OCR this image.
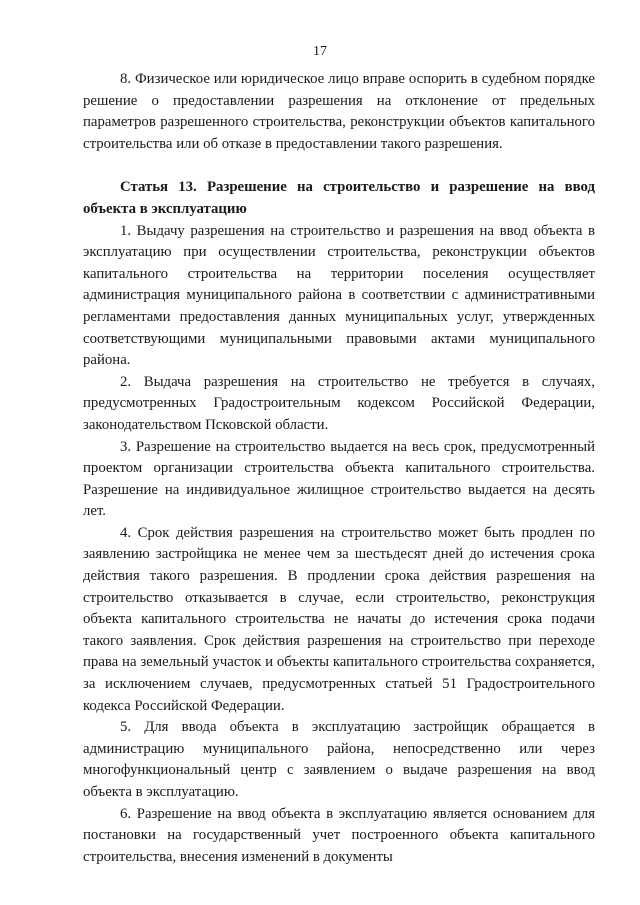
17

8. Физическое или юридическое лицо вправе оспорить в судебном порядке решение о предоставлении разрешения на отклонение от предельных параметров разрешенного строительства, реконструкции объектов капитального строительства или об отказе в предоставлении такого разрешения.

Статья 13. Разрешение на строительство и разрешение на ввод объекта в эксплуатацию

1. Выдачу разрешения на строительство и разрешения на ввод объекта в эксплуатацию при осуществлении строительства, реконструкции объектов капитального строительства на территории поселения осуществляет администрация муниципального района в соответствии с административными регламентами предоставления данных муниципальных услуг, утвержденных соответствующими муниципальными правовыми актами муниципального района.

2. Выдача разрешения на строительство не требуется в случаях, предусмотренных Градостроительным кодексом Российской Федерации, законодательством Псковской области.

3. Разрешение на строительство выдается на весь срок, предусмотренный проектом организации строительства объекта капитального строительства. Разрешение на индивидуальное жилищное строительство выдается на десять лет.

4. Срок действия разрешения на строительство может быть продлен по заявлению застройщика не менее чем за шестьдесят дней до истечения срока действия такого разрешения. В продлении срока действия разрешения на строительство отказывается в случае, если строительство, реконструкция объекта капитального строительства не начаты до истечения срока подачи такого заявления. Срок действия разрешения на строительство при переходе права на земельный участок и объекты капитального строительства сохраняется, за исключением случаев, предусмотренных статьей 51 Градостроительного кодекса Российской Федерации.

5. Для ввода объекта в эксплуатацию застройщик обращается в администрацию муниципального района, непосредственно или через многофункциональный центр с заявлением о выдаче разрешения на ввод объекта в эксплуатацию.

6. Разрешение на ввод объекта в эксплуатацию является основанием для постановки на государственный учет построенного объекта капитального строительства, внесения изменений в документы
